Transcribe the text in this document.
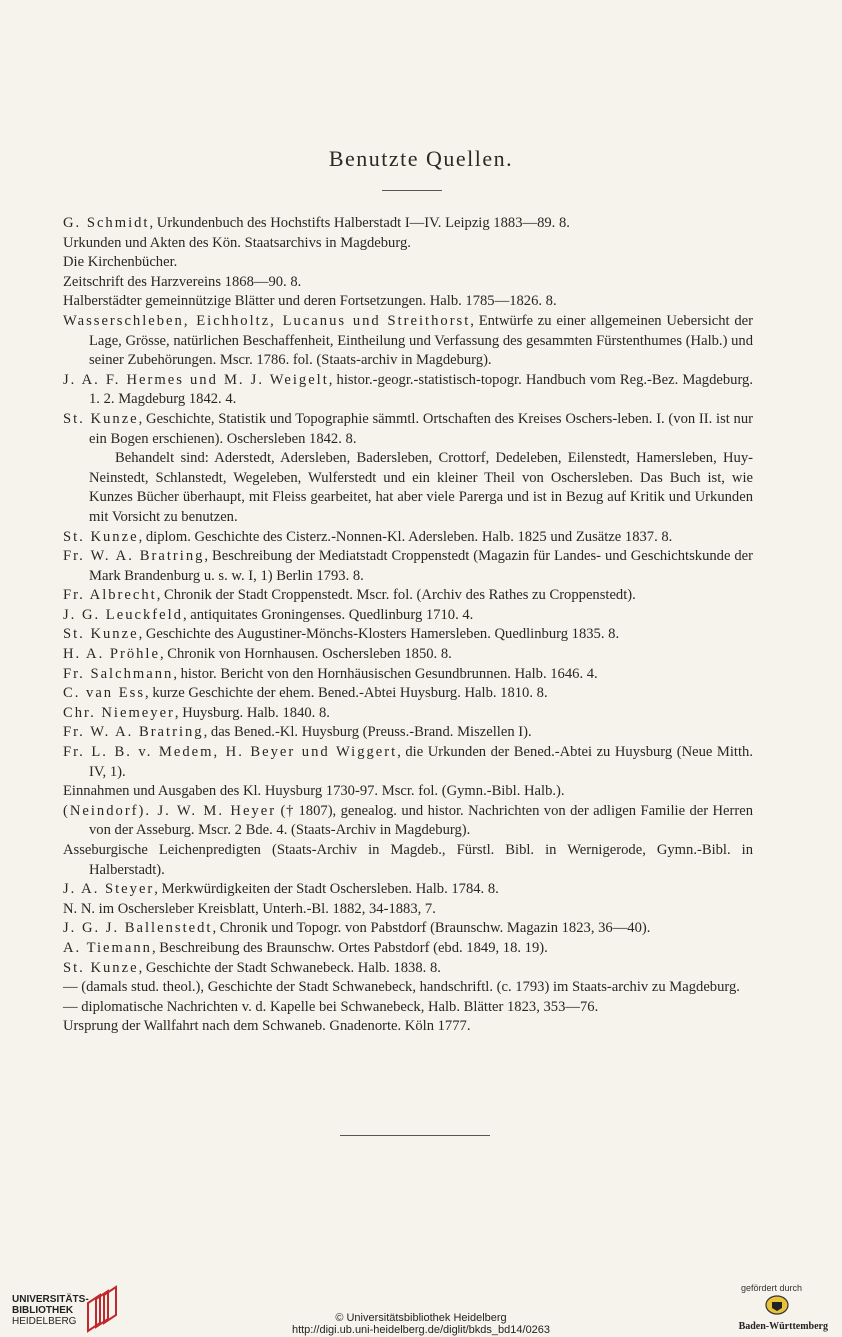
Benutzte Quellen.

G. Schmidt, Urkundenbuch des Hochstifts Halberstadt I—IV. Leipzig 1883—89. 8.

Urkunden und Akten des Kön. Staatsarchivs in Magdeburg.

Die Kirchenbücher.

Zeitschrift des Harzvereins 1868—90. 8.

Halberstädter gemeinnützige Blätter und deren Fortsetzungen. Halb. 1785—1826. 8.

Wasserschleben, Eichholtz, Lucanus und Streithorst, Entwürfe zu einer allgemeinen Uebersicht der Lage, Grösse, natürlichen Beschaffenheit, Eintheilung und Verfassung des gesammten Fürstenthumes (Halb.) und seiner Zubehörungen. Mscr. 1786. fol. (Staats-archiv in Magdeburg).

J. A. F. Hermes und M. J. Weigelt, histor.-geogr.-statistisch-topogr. Handbuch vom Reg.-Bez. Magdeburg. 1. 2. Magdeburg 1842. 4.

St. Kunze, Geschichte, Statistik und Topographie sämmtl. Ortschaften des Kreises Oschers-leben. I. (von II. ist nur ein Bogen erschienen). Oschersleben 1842. 8.

Behandelt sind: Aderstedt, Adersleben, Badersleben, Crottorf, Dedeleben, Eilenstedt, Hamersleben, Huy-Neinstedt, Schlanstedt, Wegeleben, Wulferstedt und ein kleiner Theil von Oschersleben. Das Buch ist, wie Kunzes Bücher überhaupt, mit Fleiss gearbeitet, hat aber viele Parerga und ist in Bezug auf Kritik und Urkunden mit Vorsicht zu benutzen.

St. Kunze, diplom. Geschichte des Cisterz.-Nonnen-Kl. Adersleben. Halb. 1825 und Zusätze 1837. 8.

Fr. W. A. Bratring, Beschreibung der Mediatstadt Croppenstedt (Magazin für Landes- und Geschichtskunde der Mark Brandenburg u. s. w. I, 1) Berlin 1793. 8.

Fr. Albrecht, Chronik der Stadt Croppenstedt. Mscr. fol. (Archiv des Rathes zu Croppenstedt).

J. G. Leuckfeld, antiquitates Groningenses. Quedlinburg 1710. 4.

St. Kunze, Geschichte des Augustiner-Mönchs-Klosters Hamersleben. Quedlinburg 1835. 8.

H. A. Pröhle, Chronik von Hornhausen. Oschersleben 1850. 8.

Fr. Salchmann, histor. Bericht von den Hornhäusischen Gesundbrunnen. Halb. 1646. 4.

C. van Ess, kurze Geschichte der ehem. Bened.-Abtei Huysburg. Halb. 1810. 8.

Chr. Niemeyer, Huysburg. Halb. 1840. 8.

Fr. W. A. Bratring, das Bened.-Kl. Huysburg (Preuss.-Brand. Miszellen I).

Fr. L. B. v. Medem, H. Beyer und Wiggert, die Urkunden der Bened.-Abtei zu Huysburg (Neue Mitth. IV, 1).

Einnahmen und Ausgaben des Kl. Huysburg 1730-97. Mscr. fol. (Gymn.-Bibl. Halb.).

(Neindorf). J. W. M. Heyer († 1807), genealog. und histor. Nachrichten von der adligen Familie der Herren von der Asseburg. Mscr. 2 Bde. 4. (Staats-Archiv in Magdeburg).

Asseburgische Leichenpredigten (Staats-Archiv in Magdeb., Fürstl. Bibl. in Wernigerode, Gymn.-Bibl. in Halberstadt).

J. A. Steyer, Merkwürdigkeiten der Stadt Oschersleben. Halb. 1784. 8.

N. N. im Oschersleber Kreisblatt, Unterh.-Bl. 1882, 34-1883, 7.

J. G. J. Ballenstedt, Chronik und Topogr. von Pabstdorf (Braunschw. Magazin 1823, 36—40).

A. Tiemann, Beschreibung des Braunschw. Ortes Pabstdorf (ebd. 1849, 18. 19).

St. Kunze, Geschichte der Stadt Schwanebeck. Halb. 1838. 8.

— (damals stud. theol.), Geschichte der Stadt Schwanebeck, handschriftl. (c. 1793) im Staats-archiv zu Magdeburg.

— diplomatische Nachrichten v. d. Kapelle bei Schwanebeck, Halb. Blätter 1823, 353—76.

Ursprung der Wallfahrt nach dem Schwaneb. Gnadenorte. Köln 1777.

UNIVERSITÄTS-
BIBLIOTHEK
HEIDELBERG	© Universitätsbibliothek Heidelberg
http://digi.ub.uni-heidelberg.de/diglit/bkds_bd14/0263
gefördert durch
Baden-Württemberg
